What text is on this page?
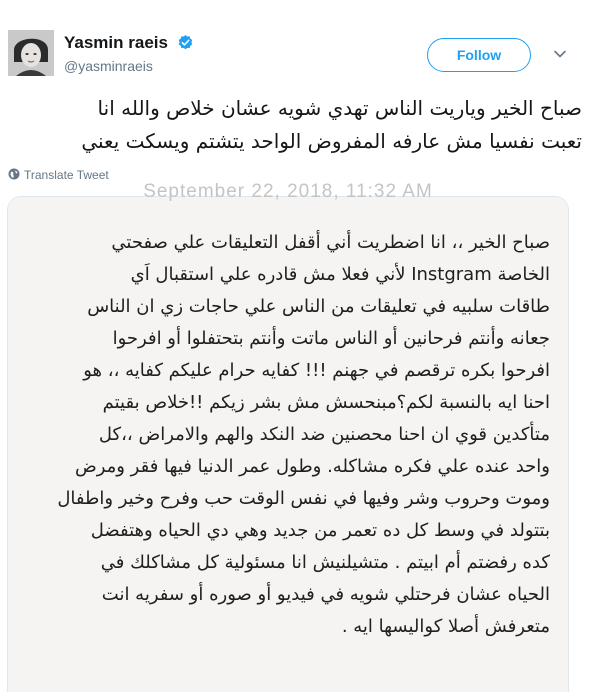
Yasmin raeis
@yasminraeis
Follow
صباح الخير وياريت الناس تهدي شويه عشان خلاص والله انا
تعبت نفسيا مش عارفه المفروض الواحد يتشتم ويسكت يعني
Translate Tweet
September 22, 2018, 11:32 AM
صباح الخير ،، انا اضطريت أني أقفل التعليقات علي صفحتي
الخاصة Instgram لأني فعلا مش قادره علي استقبال اَي
طاقات سلبيه في تعليقات من الناس علي حاجات زي ان الناس
جعانه وأنتم فرحانين أو الناس ماتت وأنتم بتحتفلوا أو افرحوا
افرحوا بكره ترقصم في جهنم !!! كفايه حرام عليكم كفايه ،، هو
احنا ايه بالنسبة لكم؟مبنحسش مش بشر زيكم !!خلاص بقيتم
متأكدين قوي ان احنا محصنين ضد النكد والهم والامراض ،،كل
واحد عنده علي فكره مشاكله. وطول عمر الدنيا فيها فقر ومرض
وموت وحروب وشر وفيها في نفس الوقت حب وفرح وخير واطفال
بتتولد في وسط كل ده تعمر من جديد وهي دي الحياه وهتفضل
كده رفضتم أم ابيتم . متشيلنيش انا مسئولية كل مشاكلك في
الحياه عشان فرحتلي شويه في فيديو أو صوره أو سفريه انت
متعرفش أصلا كواليسها ايه .
